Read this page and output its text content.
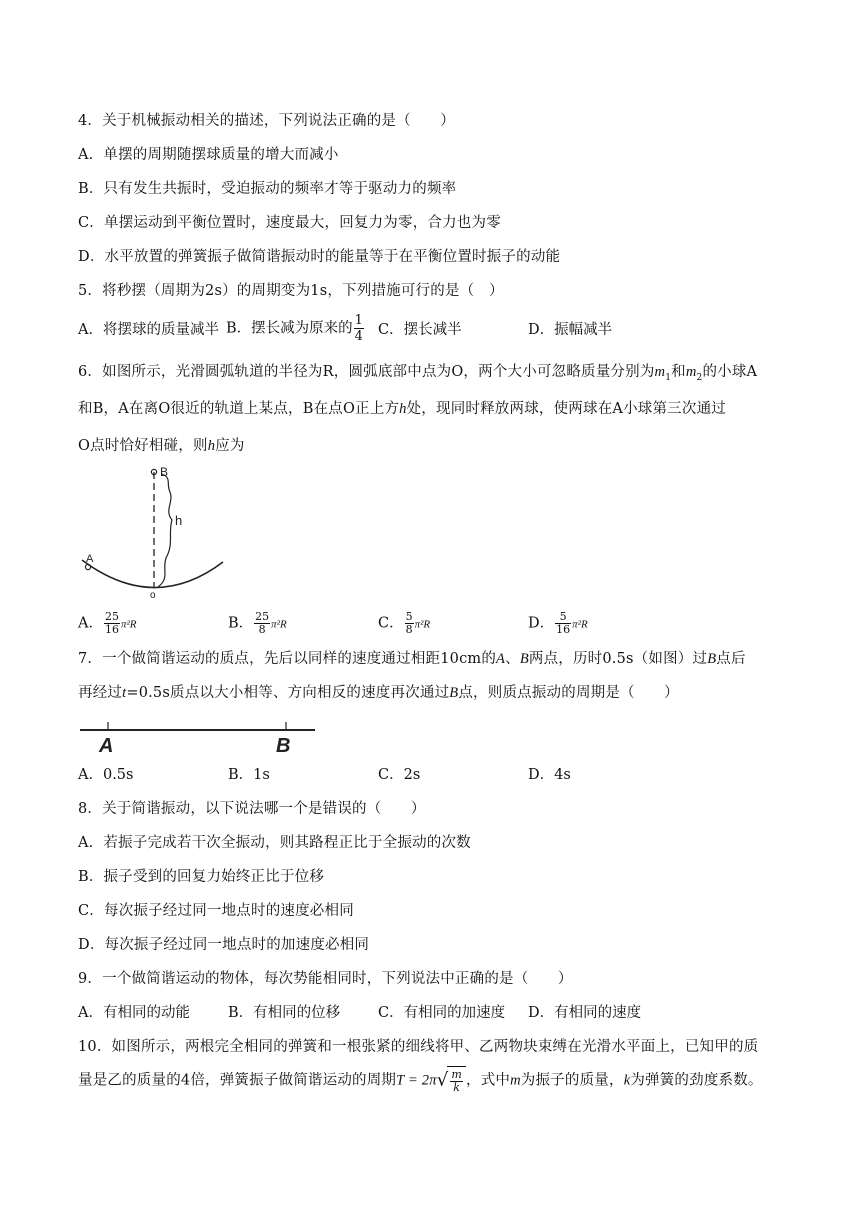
4．关于机械振动相关的描述，下列说法正确的是（　　）
A．单摆的周期随摆球质量的增大而减小
B．只有发生共振时，受迫振动的频率才等于驱动力的频率
C．单摆运动到平衡位置时，速度最大，回复力为零，合力也为零
D．水平放置的弹簧振子做简谐振动时的能量等于在平衡位置时振子的动能
5．将秒摆（周期为2s）的周期变为1s，下列措施可行的是（　）
A．将摆球的质量减半 B．摆长减为原来的 $\frac{1}{4}$ C．摆长减半	D．振幅减半
6．如图所示，光滑圆弧轨道的半径为R，圆弧底部中点为O，两个大小可忽略质量分别为$m_1$和$m_2$的小球A
和B，A在离O很近的轨道上某点，B在点O正上方h处，现同时释放两球，使两球在A小球第三次通过
O点时恰好相碰，则h应为
B
h
A
o
A． $\frac{25}{16} \pi^2R$	B． $\frac{25}{8} \pi^2R$	C． $\frac{5}{8} \pi^2R$	D． $\frac{5}{16} \pi^2R$
7．一个做简谐运动的质点，先后以同样的速度通过相距10cm的A、B两点，历时0.5s（如图）过B点后
再经过t=0.5s质点以大小相等、方向相反的速度再次通过B点，则质点振动的周期是（　　）
A	B
A．0.5s	B．1s	C．2s	D．4s
8．关于简谐振动，以下说法哪一个是错误的（　　）
A．若振子完成若干次全振动，则其路程正比于全振动的次数
B．振子受到的回复力始终正比于位移
C．每次振子经过同一地点时的速度必相同
D．每次振子经过同一地点时的加速度必相同
9．一个做简谐运动的物体，每次势能相同时，下列说法中正确的是（　　）
A．有相同的动能	B．有相同的位移	C．有相同的加速度 D．有相同的速度
10．如图所示，两根完全相同的弹簧和一根张紧的细线将甲、乙两物块束缚在光滑水平面上，已知甲的质
量是乙的质量的4倍，弹簧振子做简谐运动的周期$T = 2\pi√ \frac{m}{k}$ ，式中m为振子的质量，k为弹簧的劲度系数。
